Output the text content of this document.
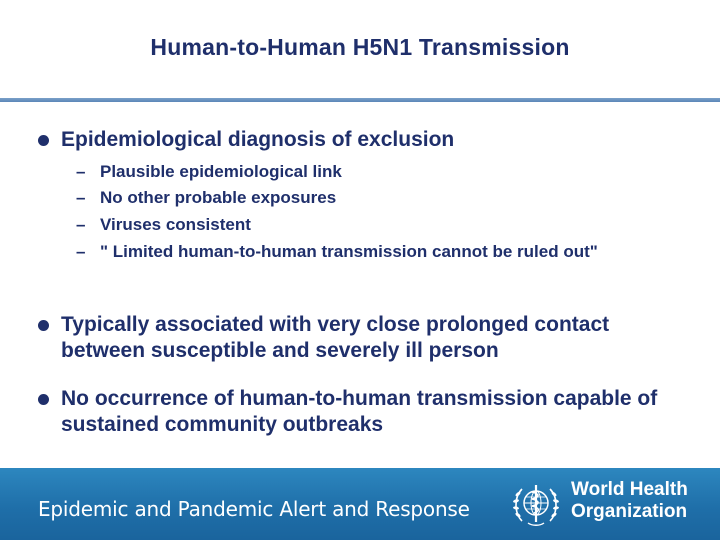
Human-to-Human H5N1 Transmission
Epidemiological diagnosis of exclusion
– Plausible epidemiological link
– No other probable exposures
– Viruses consistent
– " Limited human-to-human transmission cannot be ruled out"
Typically associated with very close prolonged contact between susceptible and severely ill person
No occurrence of human-to-human transmission capable of sustained community outbreaks
Epidemic and Pandemic Alert and Response
World Health
Organization
